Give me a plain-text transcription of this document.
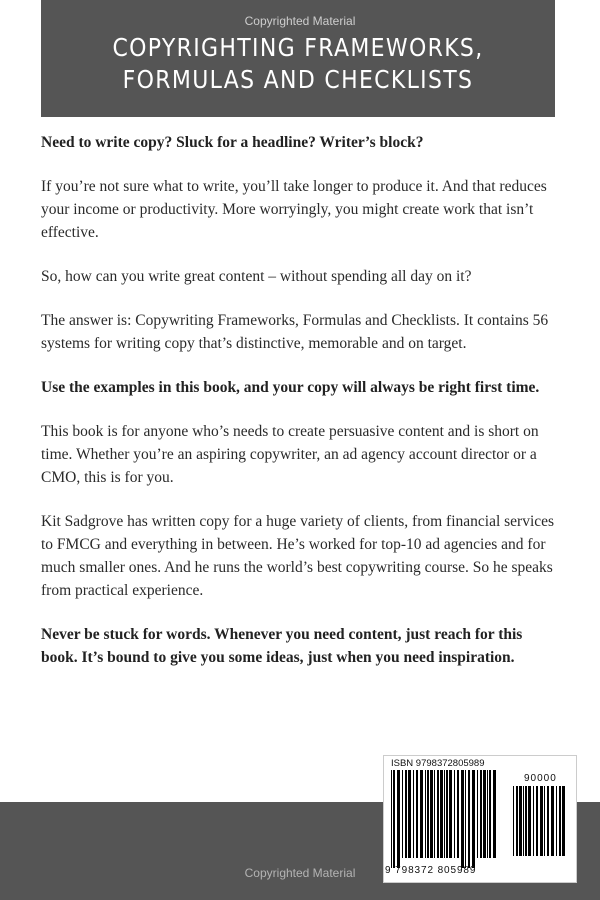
Copyrighted Material
COPYRIGHTING FRAMEWORKS,
FORMULAS AND CHECKLISTS

Need to write copy? Sluck for a headline? Writer’s block?

If you’re not sure what to write, you’ll take longer to produce it. And that reduces your income or productivity. More worryingly, you might create work that isn’t effective.

So, how can you write great content – without spending all day on it?

The answer is: Copywriting Frameworks, Formulas and Checklists. It contains 56 systems for writing copy that’s distinctive, memorable and on target.

Use the examples in this book, and your copy will always be right first time.

This book is for anyone who’s needs to create persuasive content and is short on time. Whether you’re an aspiring copywriter, an ad agency account director or a CMO, this is for you.

Kit Sadgrove has written copy for a huge variety of clients, from financial services to FMCG and everything in between. He’s worked for top-10 ad agencies and for much smaller ones. And he runs the world’s best copywriting course. So he speaks from practical experience.

Never be stuck for words. Whenever you need content, just reach for this book. It’s bound to give you some ideas, just when you need inspiration.

ISBN 9798372805989
90000
9 798372 805989
Copyrighted Material
